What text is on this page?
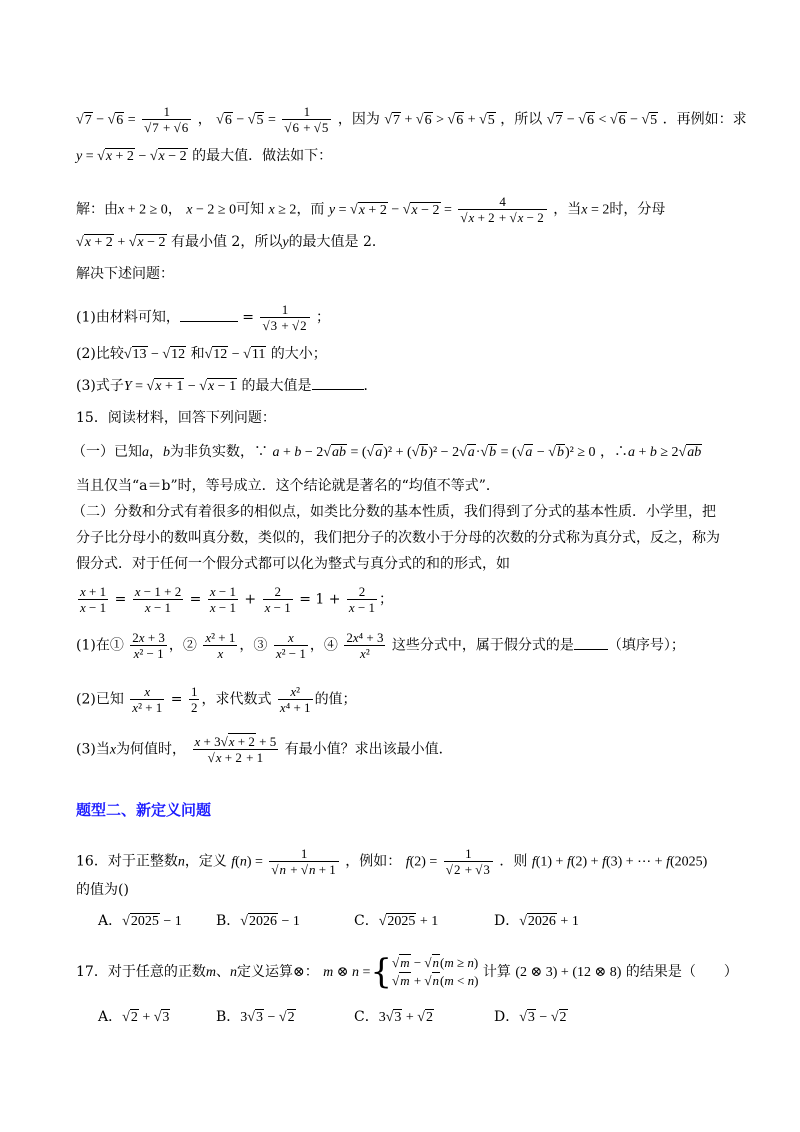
$√7 - √6 = \frac{1}{√7 + √6}$ ， $√6 - √5 = \frac{1}{√6 + √5}$ ，因为 √7 + √6 > √6 + √5 ，所以 √7 − √6 < √6 − √5 ．再例如：求
y = √x + 2 − √x − 2 的最大值．做法如下：
解：由x + 2 ≥ 0， x − 2 ≥ 0可知 x ≥ 2，而 $y = √x + 2 - √x - 2 = \frac{4}{√x + 2 + √x - 2}$ ，当x = 2时，分母
√x + 2 + √x − 2 有最小值 2，所以y的最大值是 2．
解决下述问题：
(1)由材料可知，	= $\frac{1}{√3 + √2}$ ；
(2)比较√13 − √12 和√12 − √11 的大小；
(3)式子Y = √x + 1 − √x − 1 的最大值是	．
15．阅读材料，回答下列问题：
（一）已知a，b为非负实数，∵ a + b − 2√ab = (√a)² + (√b)² − 2√a·√b = (√a − √b)² ≥ 0 ，∴a + b ≥ 2√ab
当且仅当“a＝b”时，等号成立．这个结论就是著名的“均值不等式”．
（二）分数和分式有着很多的相似点，如类比分数的基本性质，我们得到了分式的基本性质．小学里，把
分子比分母小的数叫真分数，类似的，我们把分子的次数小于分母的次数的分式称为真分式，反之，称为
假分式．对于任何一个假分式都可以化为整式与真分式的和的形式，如
$\frac{x + 1}{x - 1} = \frac{x - 1 + 2}{x - 1} = \frac{x - 1}{x - 1} + \frac{2}{x - 1} = 1 + \frac{2}{x - 1}$ ；
(1)在① $\frac{2x + 3}{\text{x² − 1}}$ ，② $\frac{\text{x² + 1}}{x}$ ，③ $\frac{x}{\text{x² − 1}}$ ，④ $\frac{\text{2x⁴ + 3}}{\text{x²}}$ 这些分式中，属于假分式的是 （填序号）；
(2)已知 $\frac{x}{\text{x² + 1}} = \frac{1}{2}$ ，求代数式 $\frac{\text{x²}}{\text{x⁴ + 1}}$ 的值；
(3)当x为何值时， $\frac{x + 3√x + 2 + 5}{√x + 2 + 1}$ 有最小值？求出该最小值．
题型二、新定义问题
16．对于正整数n，定义 $f(n) = \frac{1}{√n + √n + 1}$ ，例如： $f(2) = \frac{1}{√2 + √3}$ ．则 f(1) + f(2) + f(3) + ⋯ + f(2025)
的值为()
A．√2025 − 1 B．√2026 − 1	C．√2025 + 1	D．√2026 + 1
17．对于任意的正数m、n定义运算⊗： m ⊗ n ={√m − √n(m ≥ n)
√m + √n(m < n) 计算 (2 ⊗ 3) + (12 ⊗ 8) 的结果是（　　）
A．√2 + √3	B．3√3 − √2	C．3√3 + √2	D．√3 − √2
